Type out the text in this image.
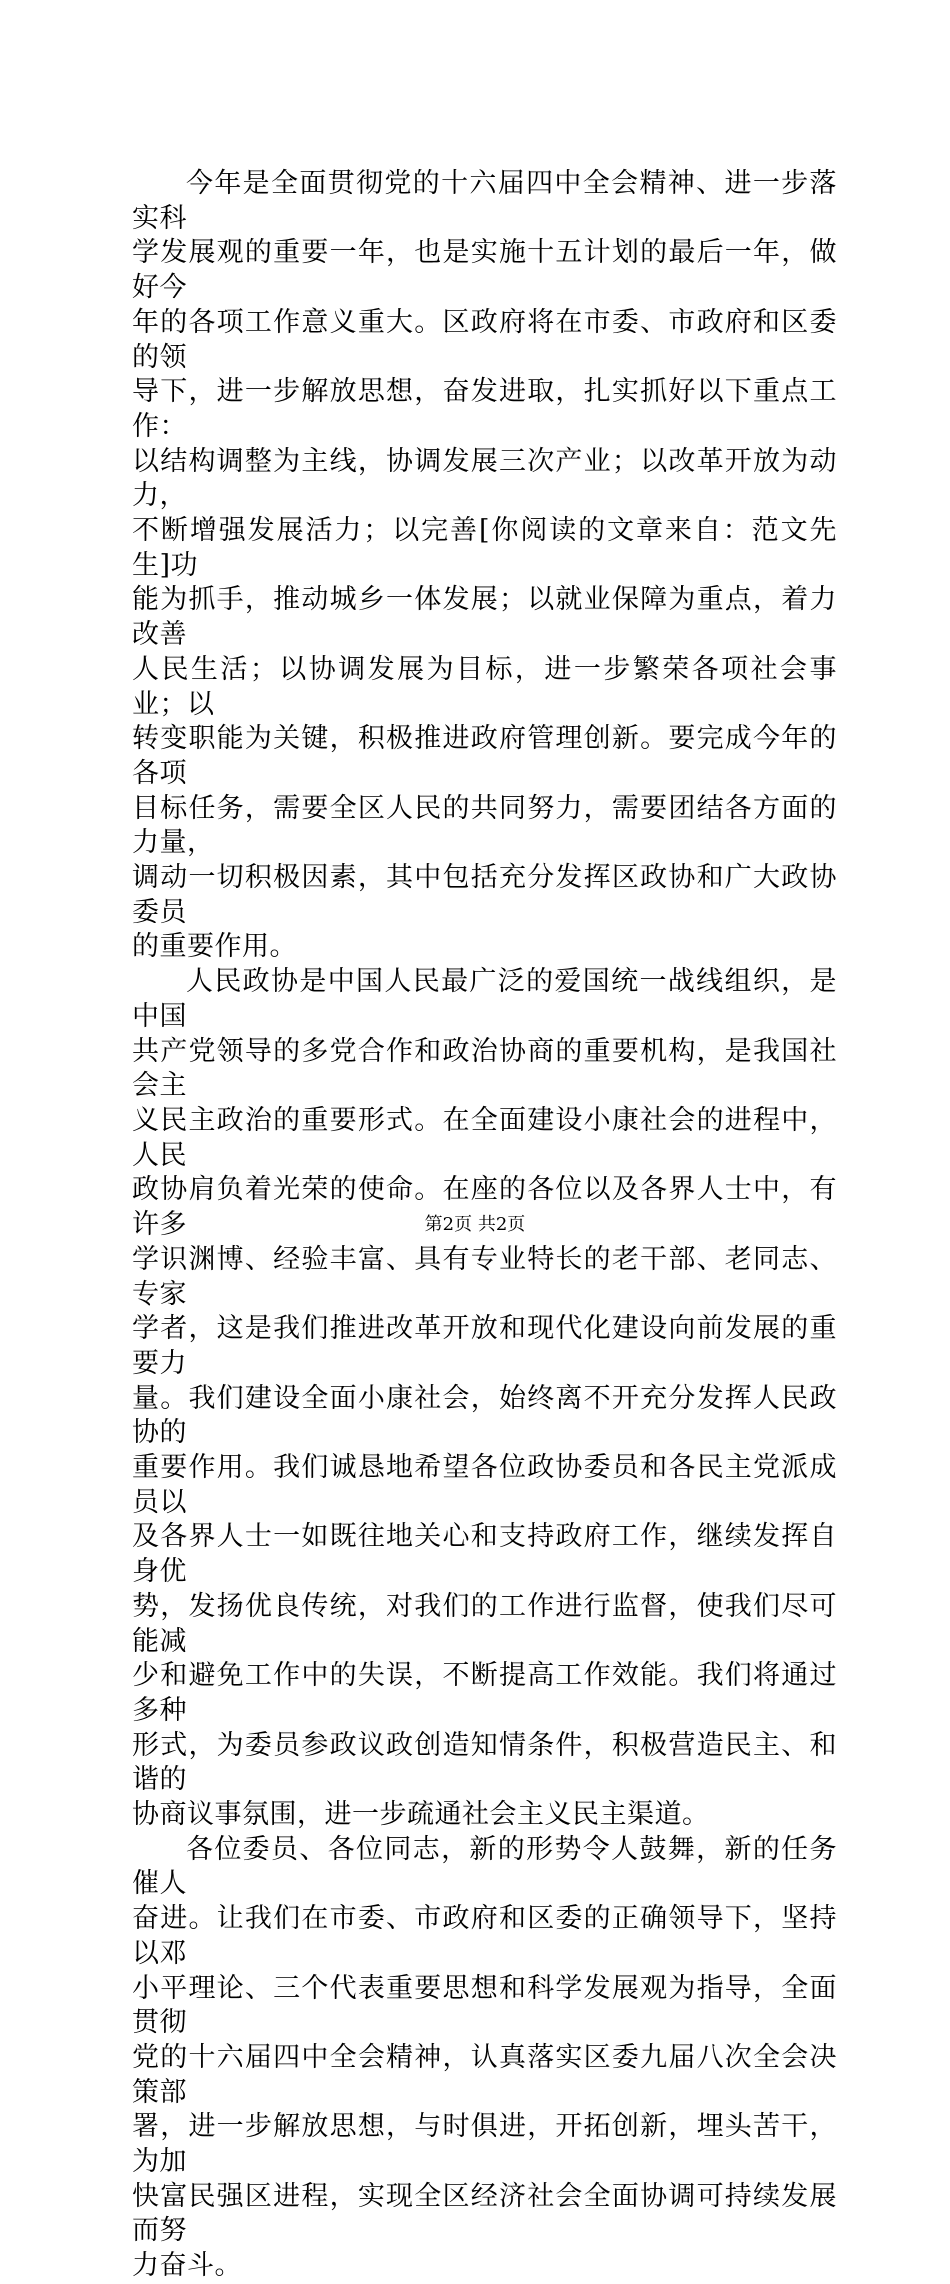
今年是全面贯彻党的十六届四中全会精神、进一步落实科
学发展观的重要一年，也是实施十五计划的最后一年，做好今
年的各项工作意义重大。区政府将在市委、市政府和区委的领
导下，进一步解放思想，奋发进取，扎实抓好以下重点工作：
以结构调整为主线，协调发展三次产业；以改革开放为动力，
不断增强发展活力；以完善[你阅读的文章来自：范文先生]功
能为抓手，推动城乡一体发展；以就业保障为重点，着力改善
人民生活；以协调发展为目标，进一步繁荣各项社会事业；以
转变职能为关键，积极推进政府管理创新。要完成今年的各项
目标任务，需要全区人民的共同努力，需要团结各方面的力量，
调动一切积极因素，其中包括充分发挥区政协和广大政协委员
的重要作用。

人民政协是中国人民最广泛的爱国统一战线组织，是中国
共产党领导的多党合作和政治协商的重要机构，是我国社会主
义民主政治的重要形式。在全面建设小康社会的进程中，人民
政协肩负着光荣的使命。在座的各位以及各界人士中，有许多
学识渊博、经验丰富、具有专业特长的老干部、老同志、专家
学者，这是我们推进改革开放和现代化建设向前发展的重要力
量。我们建设全面小康社会，始终离不开充分发挥人民政协的
重要作用。我们诚恳地希望各位政协委员和各民主党派成员以
及各界人士一如既往地关心和支持政府工作，继续发挥自身优
势，发扬优良传统，对我们的工作进行监督，使我们尽可能减
少和避免工作中的失误，不断提高工作效能。我们将通过多种
形式，为委员参政议政创造知情条件，积极营造民主、和谐的
协商议事氛围，进一步疏通社会主义民主渠道。

各位委员、各位同志，新的形势令人鼓舞，新的任务催人
奋进。让我们在市委、市政府和区委的正确领导下，坚持以邓
小平理论、三个代表重要思想和科学发展观为指导，全面贯彻
党的十六届四中全会精神，认真落实区委九届八次全会决策部
署，进一步解放思想，与时俱进，开拓创新，埋头苦干，为加
快富民强区进程，实现全区经济社会全面协调可持续发展而努
力奋斗。

第2页 共2页
